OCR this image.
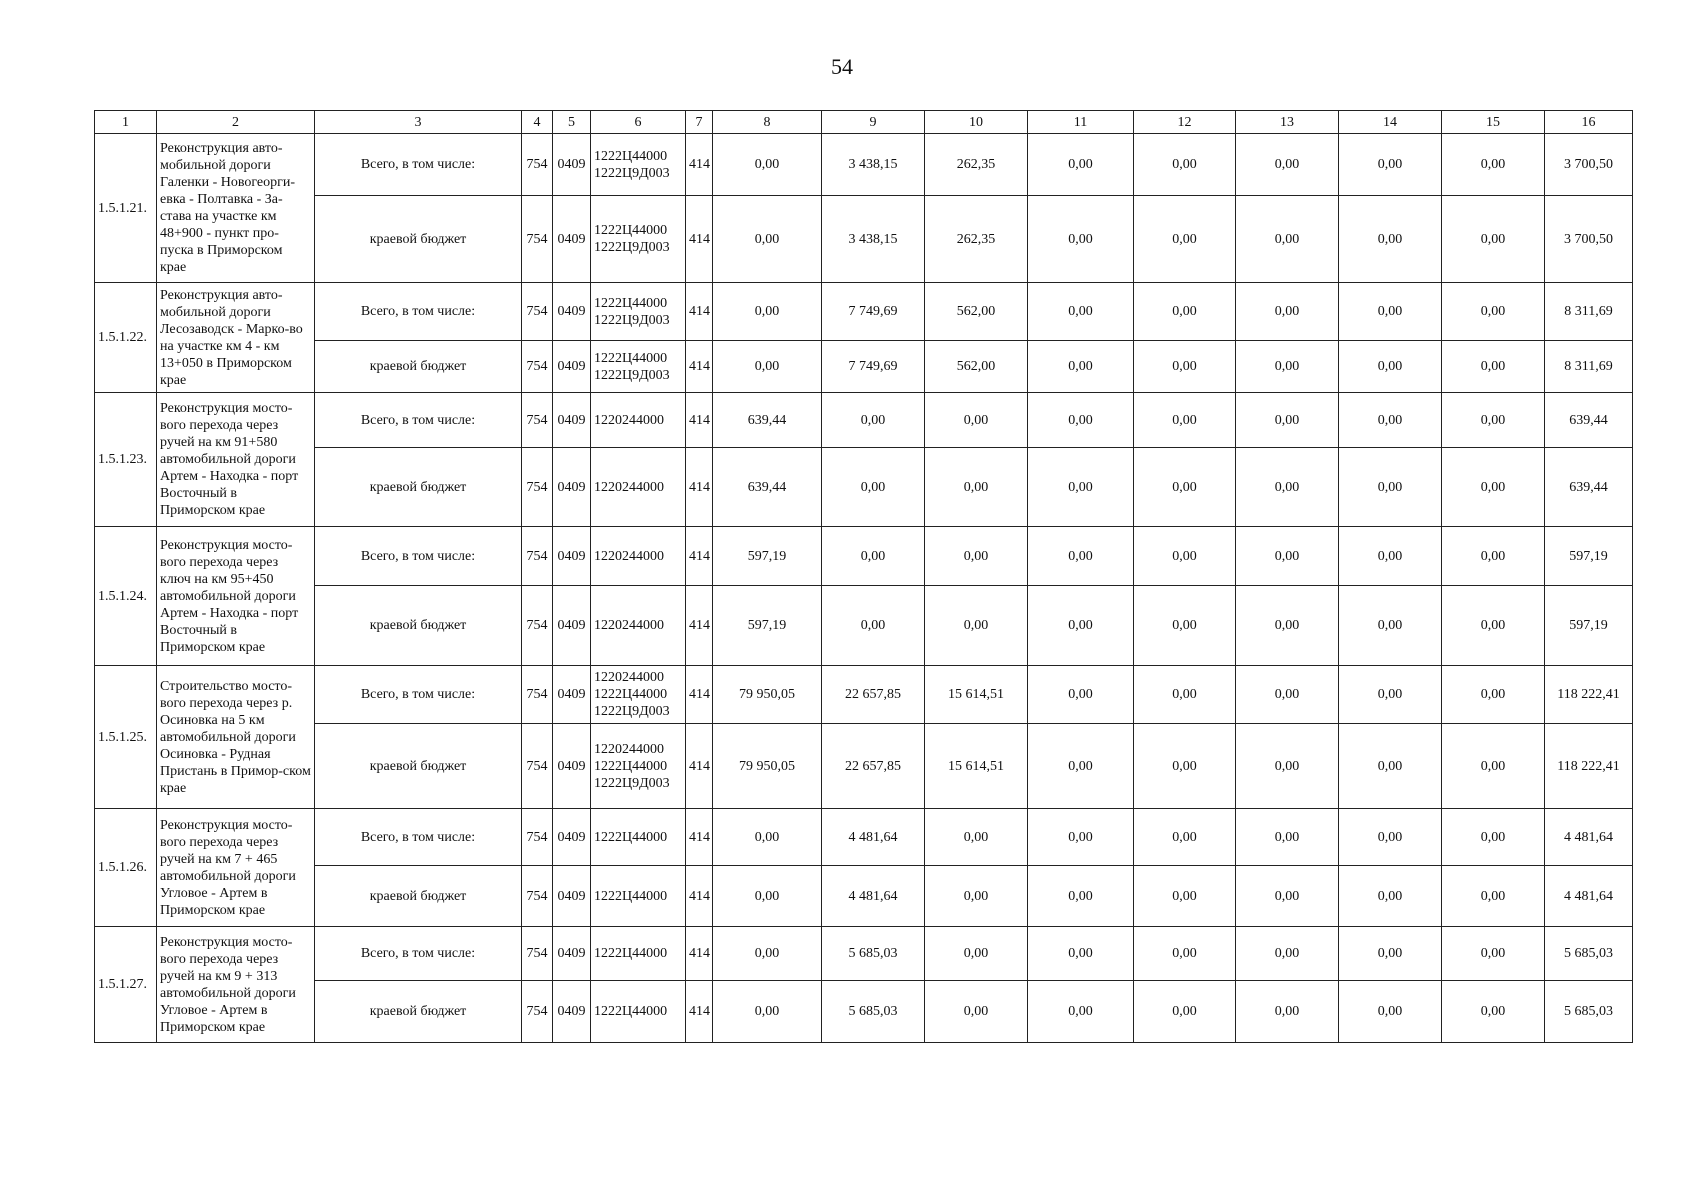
54
1	2	3	4	5	6	7	8	9	10	11	12	13	14	15	16
1.5.1.21.	Реконструкция авто-мобильной дороги Галенки - Новогеорги-евка - Полтавка - За-става на участке км 48+900 - пункт про-пуска в Приморском крае	Всего, в том числе:	754	0409	1222Ц44000
1222Ц9Д003	414	0,00	3 438,15	262,35	0,00	0,00	0,00	0,00	0,00	3 700,50
		краевой бюджет	754	0409	1222Ц44000
1222Ц9Д003	414	0,00	3 438,15	262,35	0,00	0,00	0,00	0,00	0,00	3 700,50
1.5.1.22.	Реконструкция авто-мобильной дороги Лесозаводск - Марко-во на участке км 4 - км 13+050 в Приморском крае	Всего, в том числе:	754	0409	1222Ц44000
1222Ц9Д003	414	0,00	7 749,69	562,00	0,00	0,00	0,00	0,00	0,00	8 311,69
		краевой бюджет	754	0409	1222Ц44000
1222Ц9Д003	414	0,00	7 749,69	562,00	0,00	0,00	0,00	0,00	0,00	8 311,69
1.5.1.23.	Реконструкция мосто-вого перехода через ручей на км 91+580 автомобильной дороги Артем - Находка - порт Восточный в Приморском крае	Всего, в том числе:	754	0409	1220244000	414	639,44	0,00	0,00	0,00	0,00	0,00	0,00	0,00	639,44
		краевой бюджет	754	0409	1220244000	414	639,44	0,00	0,00	0,00	0,00	0,00	0,00	0,00	639,44
1.5.1.24.	Реконструкция мосто-вого перехода через ключ на км 95+450 автомобильной дороги Артем - Находка - порт Восточный в Приморском крае	Всего, в том числе:	754	0409	1220244000	414	597,19	0,00	0,00	0,00	0,00	0,00	0,00	0,00	597,19
		краевой бюджет	754	0409	1220244000	414	597,19	0,00	0,00	0,00	0,00	0,00	0,00	0,00	597,19
1.5.1.25.	Строительство мосто-вого перехода через р. Осиновка на 5 км автомобильной дороги Осиновка - Рудная Пристань в Примор-ском крае	Всего, в том числе:	754	0409	1220244000
1222Ц44000
1222Ц9Д003	414	79 950,05	22 657,85	15 614,51	0,00	0,00	0,00	0,00	0,00	118 222,41
		краевой бюджет	754	0409	1220244000
1222Ц44000
1222Ц9Д003	414	79 950,05	22 657,85	15 614,51	0,00	0,00	0,00	0,00	0,00	118 222,41
1.5.1.26.	Реконструкция мосто-вого перехода через ручей на км 7 + 465 автомобильной дороги Угловое - Артем в Приморском крае	Всего, в том числе:	754	0409	1222Ц44000	414	0,00	4 481,64	0,00	0,00	0,00	0,00	0,00	0,00	4 481,64
		краевой бюджет	754	0409	1222Ц44000	414	0,00	4 481,64	0,00	0,00	0,00	0,00	0,00	0,00	4 481,64
1.5.1.27.	Реконструкция мосто-вого перехода через ручей на км 9 + 313 автомобильной дороги Угловое - Артем в Приморском крае	Всего, в том числе:	754	0409	1222Ц44000	414	0,00	5 685,03	0,00	0,00	0,00	0,00	0,00	0,00	5 685,03
		краевой бюджет	754	0409	1222Ц44000	414	0,00	5 685,03	0,00	0,00	0,00	0,00	0,00	0,00	5 685,03
